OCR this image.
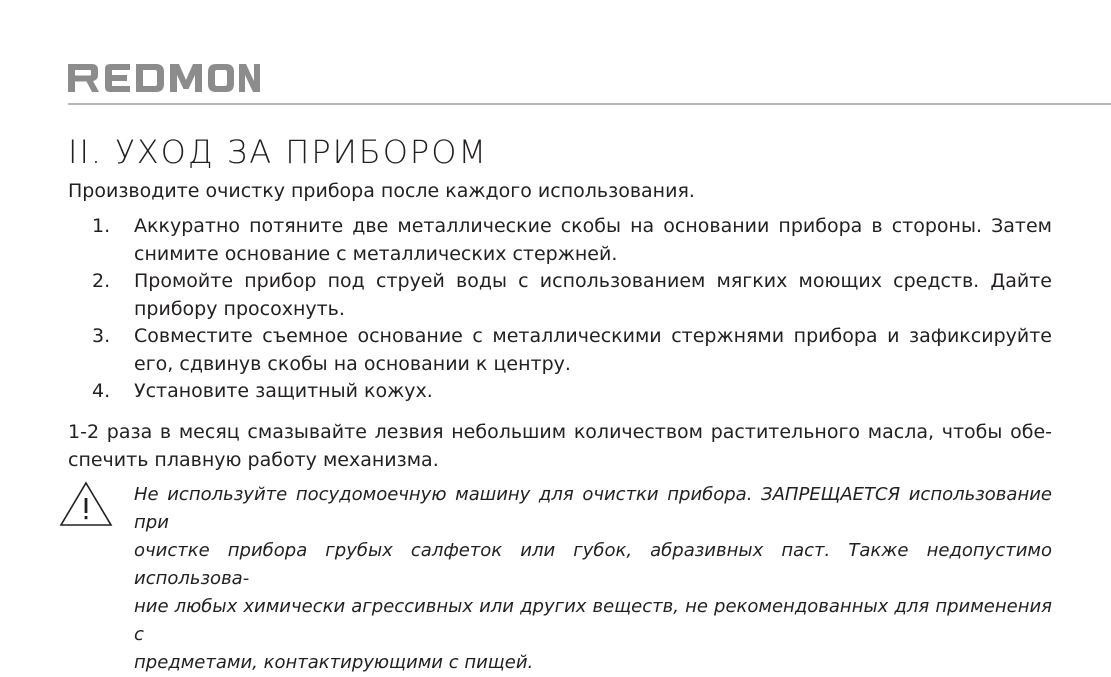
II. УХОД ЗА ПРИБОРОМ

Производите очистку прибора после каждого использования.

1. Аккуратно потяните две металлические скобы на основании прибора в стороны. Затем
снимите основание с металлических стержней.
2. Промойте прибор под струей воды с использованием мягких моющих средств. Дайте
прибору просохнуть.
3. Совместите съемное основание с металлическими стержнями прибора и зафиксируйте
его, сдвинув скобы на основании к центру.
4. Установите защитный кожух.

1-2 раза в месяц смазывайте лезвия небольшим количеством растительного масла, чтобы обе-
спечить плавную работу механизма.

Не используйте посудомоечную машину для очистки прибора. ЗАПРЕЩАЕТСЯ использование при
очистке прибора грубых салфеток или губок, абразивных паст. Также недопустимо использова-
ние любых химически агрессивных или других веществ, не рекомендованных для применения с
предметами, контактирующими с пищей.
